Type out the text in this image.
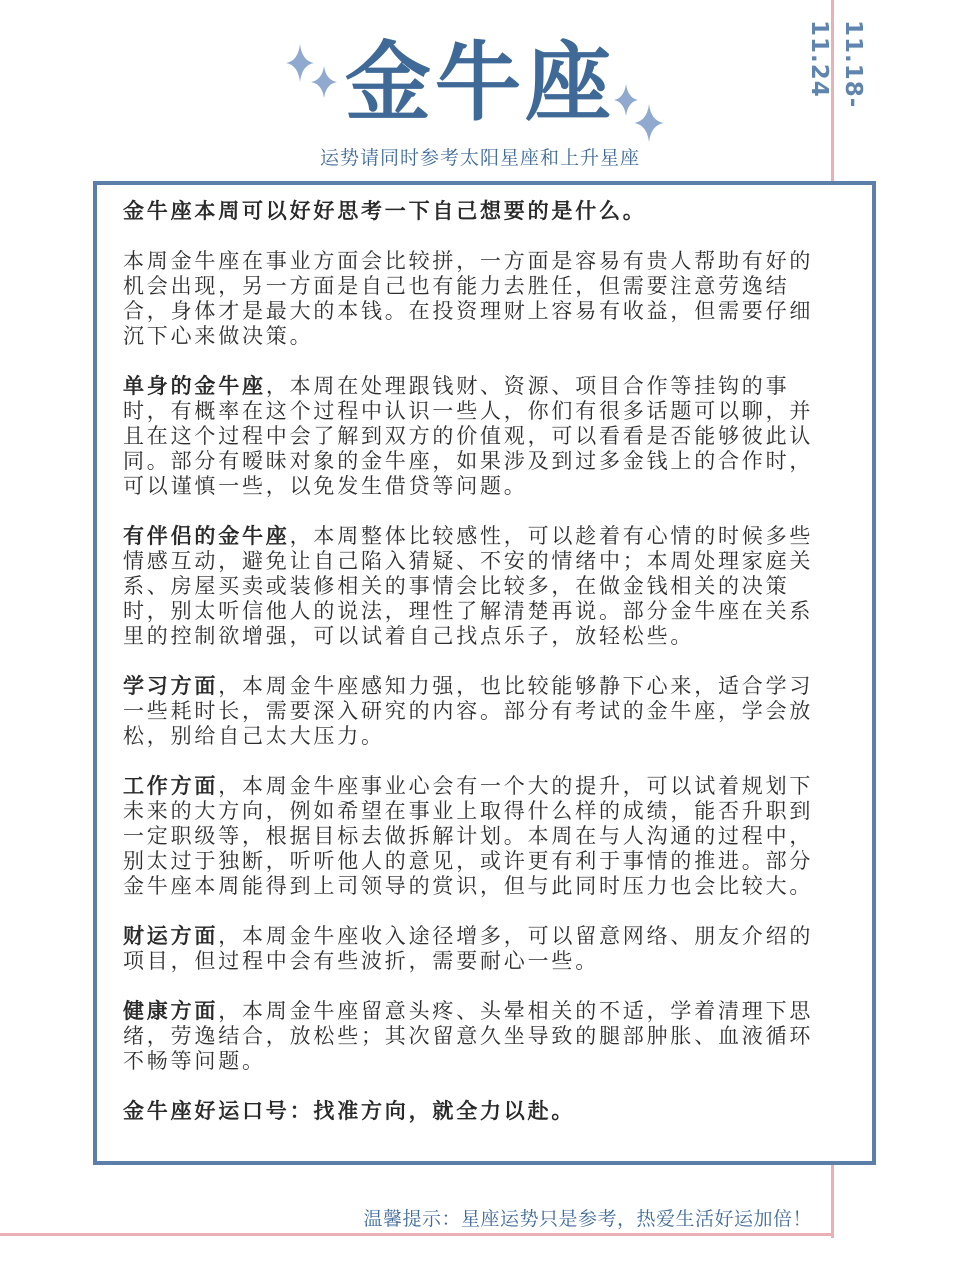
金牛座
运势请同时参考太阳星座和上升星座
11.18-11.24

金牛座本周可以好好思考一下自己想要的是什么。

本周金牛座在事业方面会比较拼，一方面是容易有贵人帮助有好的机会出现，另一方面是自己也有能力去胜任，但需要注意劳逸结合，身体才是最大的本钱。在投资理财上容易有收益，但需要仔细沉下心来做决策。

单身的金牛座，本周在处理跟钱财、资源、项目合作等挂钩的事时，有概率在这个过程中认识一些人，你们有很多话题可以聊，并且在这个过程中会了解到双方的价值观，可以看看是否能够彼此认同。部分有暧昧对象的金牛座，如果涉及到过多金钱上的合作时，可以谨慎一些，以免发生借贷等问题。

有伴侣的金牛座，本周整体比较感性，可以趁着有心情的时候多些情感互动，避免让自己陷入猜疑、不安的情绪中；本周处理家庭关系、房屋买卖或装修相关的事情会比较多，在做金钱相关的决策时，别太听信他人的说法，理性了解清楚再说。部分金牛座在关系里的控制欲增强，可以试着自己找点乐子，放轻松些。

学习方面，本周金牛座感知力强，也比较能够静下心来，适合学习一些耗时长，需要深入研究的内容。部分有考试的金牛座，学会放松，别给自己太大压力。

工作方面，本周金牛座事业心会有一个大的提升，可以试着规划下未来的大方向，例如希望在事业上取得什么样的成绩，能否升职到一定职级等，根据目标去做拆解计划。本周在与人沟通的过程中，别太过于独断，听听他人的意见，或许更有利于事情的推进。部分金牛座本周能得到上司领导的赏识，但与此同时压力也会比较大。

财运方面，本周金牛座收入途径增多，可以留意网络、朋友介绍的项目，但过程中会有些波折，需要耐心一些。

健康方面，本周金牛座留意头疼、头晕相关的不适，学着清理下思绪，劳逸结合，放松些；其次留意久坐导致的腿部肿胀、血液循环不畅等问题。

金牛座好运口号：找准方向，就全力以赴。

温馨提示：星座运势只是参考，热爱生活好运加倍！
